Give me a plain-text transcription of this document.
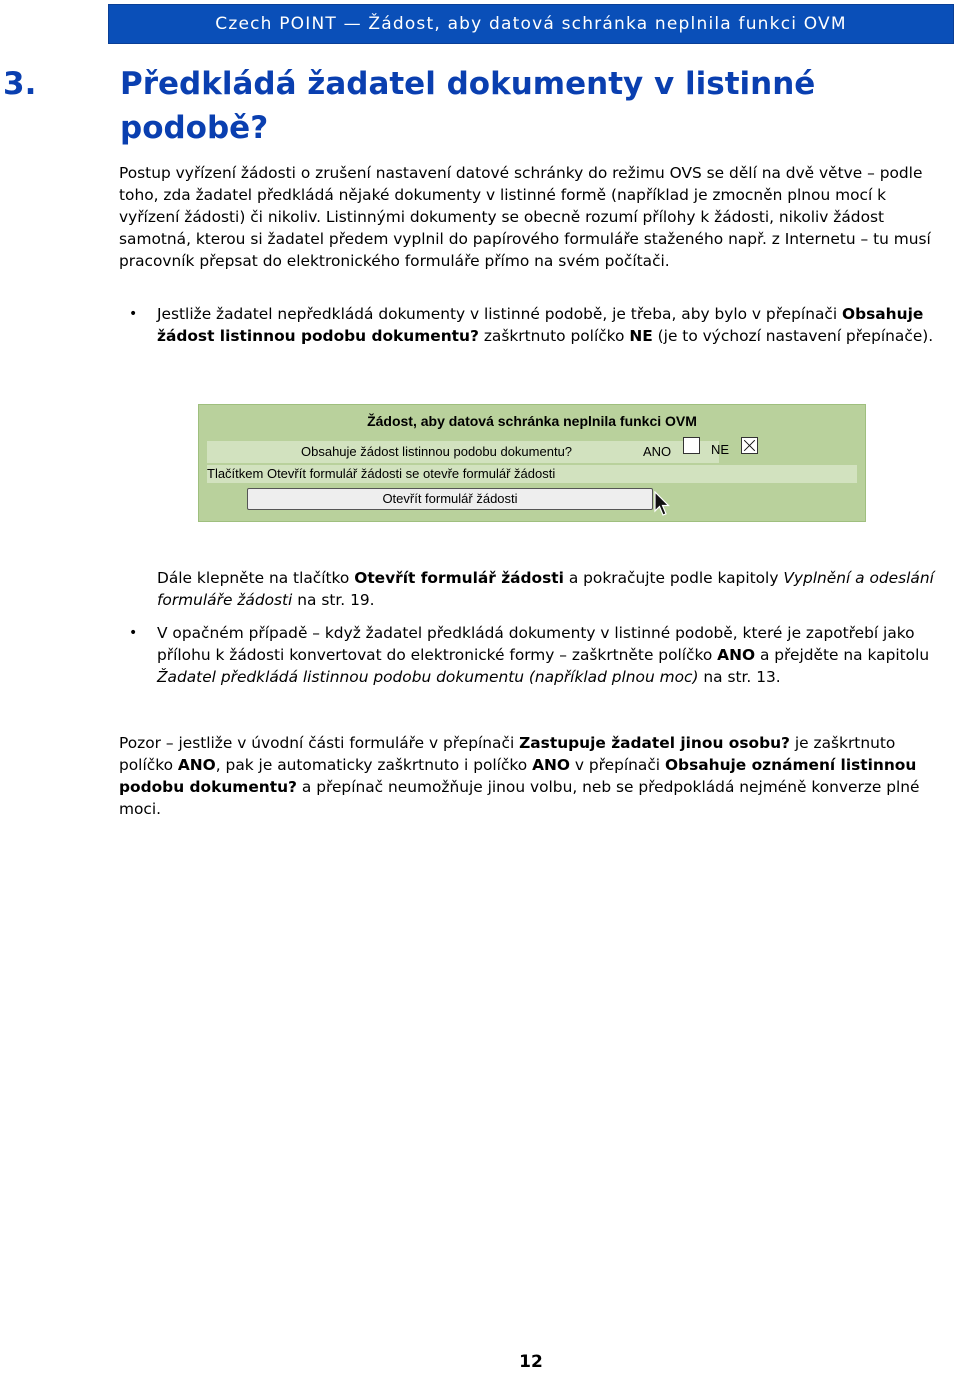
Czech POINT — Žádost, aby datová schránka neplnila funkci OVM
3.	Předkládá žadatel dokumenty v listinné podobě?
Postup vyřízení žádosti o zrušení nastavení datové schránky do režimu OVS se dělí na dvě větve – podle toho, zda žadatel předkládá nějaké dokumenty v listinné formě (například je zmocněn plnou mocí k vyřízení žádosti) či nikoliv. Listinnými dokumenty se obecně rozumí přílohy k žádosti, nikoliv žádost samotná, kterou si žadatel předem vyplnil do papírového formuláře staženého např. z Internetu – tu musí pracovník přepsat do elektronického formuláře přímo na svém počítači.
• Jestliže žadatel nepředkládá dokumenty v listinné podobě, je třeba, aby bylo v přepínači Obsahuje žádost listinnou podobu dokumentu? zaškrtnuto políčko NE (je to výchozí nastavení přepínače).
Žádost, aby datová schránka neplnila funkci OVM
Obsahuje žádost listinnou podobu dokumentu?	ANO	NE
Tlačítkem Otevřít formulář žádosti se otevře formulář žádosti
Otevřít formulář žádosti
Dále klepněte na tlačítko Otevřít formulář žádosti a pokračujte podle kapitoly Vyplnění a odeslání formuláře žádosti na str. 19.
• V opačném případě – když žadatel předkládá dokumenty v listinné podobě, které je zapotřebí jako přílohu k žádosti konvertovat do elektronické formy – zaškrtněte políčko ANO a přejděte na kapitolu Žadatel předkládá listinnou podobu dokumentu (například plnou moc) na str. 13.
Pozor – jestliže v úvodní části formuláře v přepínači Zastupuje žadatel jinou osobu? je zaškrtnuto políčko ANO, pak je automaticky zaškrtnuto i políčko ANO v přepínači Obsahuje oznámení listinnou podobu dokumentu? a přepínač neumožňuje jinou volbu, neb se předpokládá nejméně konverze plné moci.
12
